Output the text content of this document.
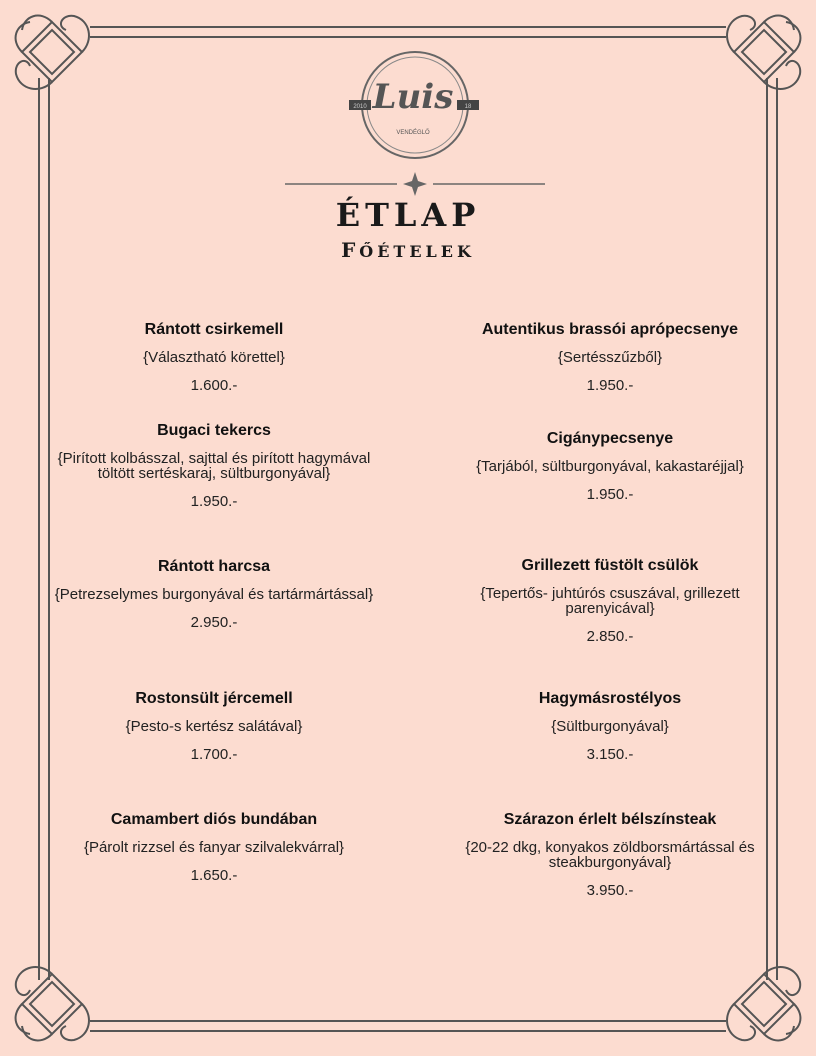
2010	18
Luis
VENDÉGLŐ
ÉTLAP
FŐÉTELEK
Rántott csirkemell
{Választható körettel}
1.600.-
Bugaci tekercs
{Pirított kolbásszal, sajttal és pirított hagymával töltött sertéskaraj, sültburgonyával}
1.950.-
Rántott harcsa
{Petrezselymes burgonyával és tartármártással}
2.950.-
Rostonsült jércemell
{Pesto-s kertész salátával}
1.700.-
Camambert diós bundában
{Párolt rizzsel és fanyar szilvalekvárral}
1.650.-
Autentikus brassói aprópecsenye
{Sertésszűzből}
1.950.-
Cigánypecsenye
{Tarjából, sültburgonyával, kakastaréjjal}
1.950.-
Grillezett füstölt csülök
{Tepertős- juhtúrós csuszával, grillezett parenyicával}
2.850.-
Hagymásrostélyos
{Sültburgonyával}
3.150.-
Szárazon érlelt bélszínsteak
{20-22 dkg, konyakos zöldborsmártással és steakburgonyával}
3.950.-
